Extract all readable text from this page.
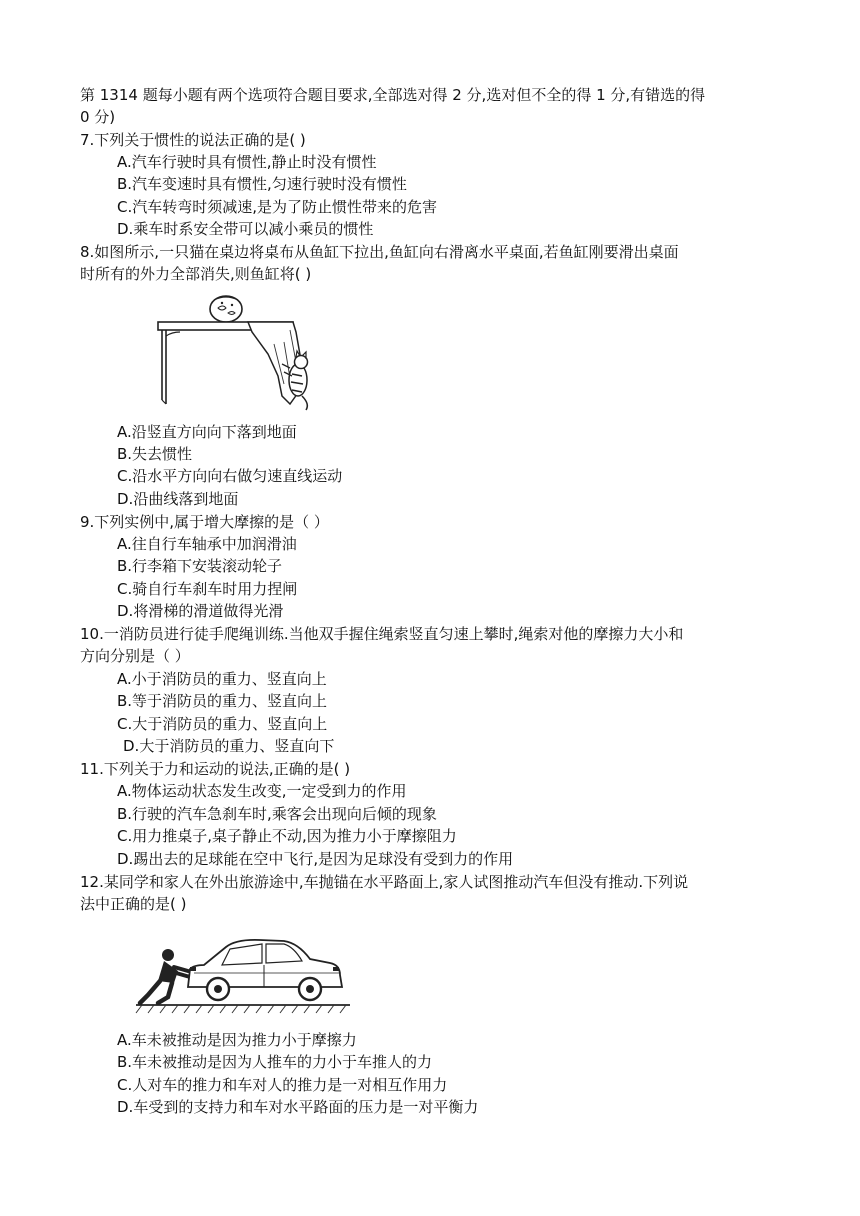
第 1314 题每小题有两个选项符合题目要求,全部选对得 2 分,选对但不全的得 1 分,有错选的得
0 分)
7.下列关于惯性的说法正确的是( )
A.汽车行驶时具有惯性,静止时没有惯性
B.汽车变速时具有惯性,匀速行驶时没有惯性
C.汽车转弯时须减速,是为了防止惯性带来的危害
D.乘车时系安全带可以减小乘员的惯性
8.如图所示,一只猫在桌边将桌布从鱼缸下拉出,鱼缸向右滑离水平桌面,若鱼缸刚要滑出桌面
时所有的外力全部消失,则鱼缸将( )
A.沿竖直方向向下落到地面
B.失去惯性
C.沿水平方向向右做匀速直线运动
D.沿曲线落到地面
9.下列实例中,属于增大摩擦的是（ ）
A.往自行车轴承中加润滑油
B.行李箱下安装滚动轮子
C.骑自行车刹车时用力捏闸
D.将滑梯的滑道做得光滑
10.一消防员进行徒手爬绳训练.当他双手握住绳索竖直匀速上攀时,绳索对他的摩擦力大小和
方向分别是（ ）
A.小于消防员的重力、竖直向上
B.等于消防员的重力、竖直向上
C.大于消防员的重力、竖直向上
D.大于消防员的重力、竖直向下
11.下列关于力和运动的说法,正确的是( )
A.物体运动状态发生改变,一定受到力的作用
B.行驶的汽车急刹车时,乘客会出现向后倾的现象
C.用力推桌子,桌子静止不动,因为推力小于摩擦阻力
D.踢出去的足球能在空中飞行,是因为足球没有受到力的作用
12.某同学和家人在外出旅游途中,车抛锚在水平路面上,家人试图推动汽车但没有推动.下列说
法中正确的是( )
A.车未被推动是因为推力小于摩擦力
B.车未被推动是因为人推车的力小于车推人的力
C.人对车的推力和车对人的推力是一对相互作用力
D.车受到的支持力和车对水平路面的压力是一对平衡力
